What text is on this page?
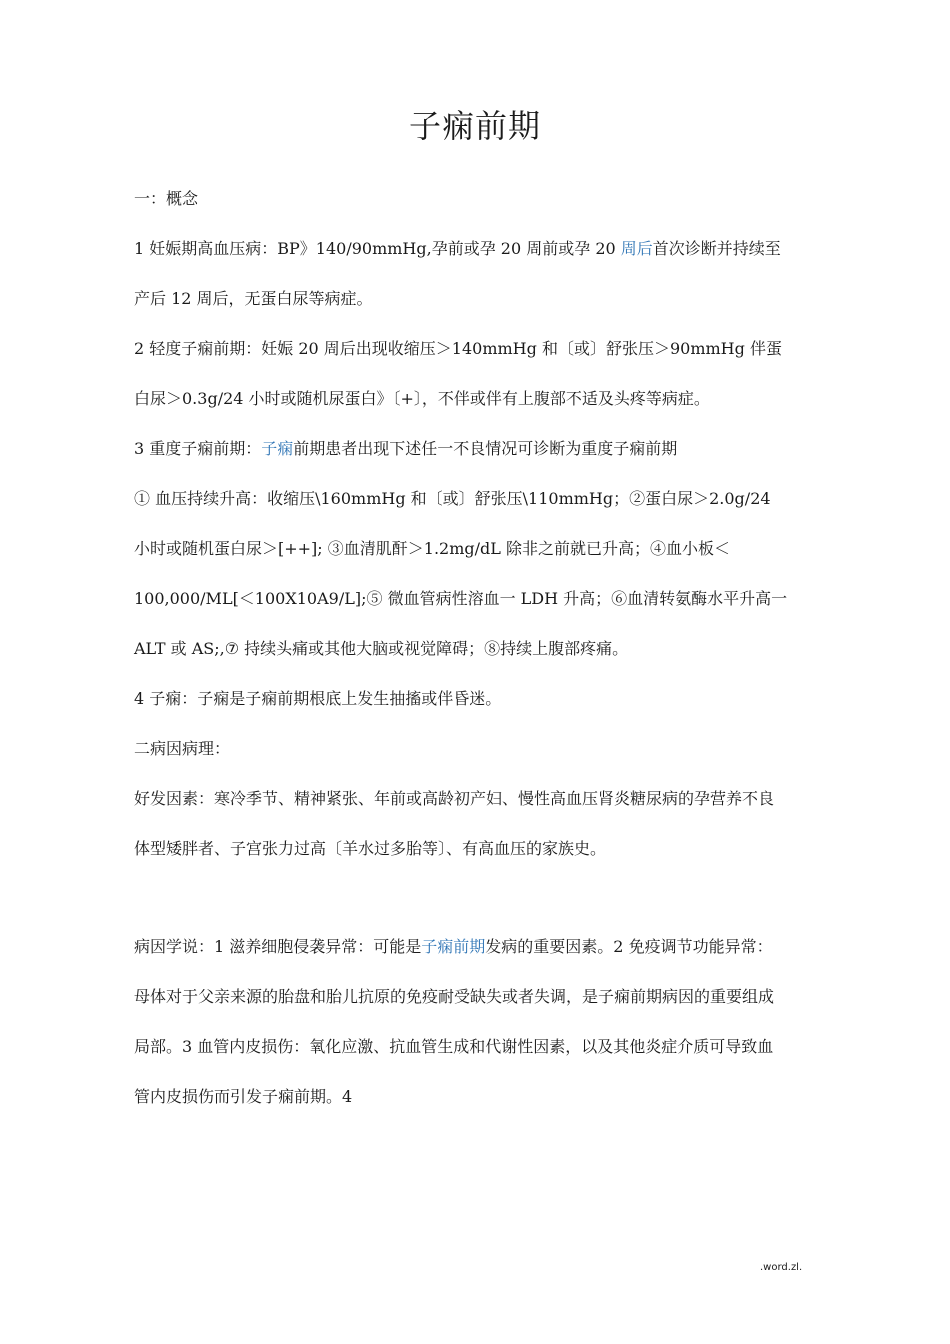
子痫前期
一：概念
1 妊娠期高血压病：BP》140/90mmHg,孕前或孕 20 周前或孕 20 周后首次诊断并持续至
产后 12 周后，无蛋白尿等病症。
2 轻度子痫前期：妊娠 20 周后出现收缩压＞140mmHg 和〔或〕舒张压＞90mmHg 伴蛋
白尿＞0.3g/24 小时或随机尿蛋白》〔+〕，不伴或伴有上腹部不适及头疼等病症。
3 重度子痫前期：子痫前期患者出现下述任一不良情况可诊断为重度子痫前期
① 血压持续升高：收缩压\160mmHg 和〔或〕舒张压\110mmHg；②蛋白尿＞2.0g/24
小时或随机蛋白尿＞[++]; ③血清肌酐＞1.2mg/dL 除非之前就已升高；④血小板＜
100,000/ML[＜100X10A9/L];⑤ 微血管病性溶血一 LDH 升高；⑥血清转氨酶水平升高一
ALT 或 AS;,⑦ 持续头痛或其他大脑或视觉障碍；⑧持续上腹部疼痛。
4 子痫：子痫是子痫前期根底上发生抽搐或伴昏迷。
二病因病理：
好发因素：寒冷季节、精神紧张、年前或高龄初产妇、慢性高血压肾炎糖尿病的孕营养不良
体型矮胖者、子宫张力过高〔羊水过多胎等〕、有高血压的家族史。
病因学说：1 滋养细胞侵袭异常：可能是子痫前期发病的重要因素。2 免疫调节功能异常：
母体对于父亲来源的胎盘和胎儿抗原的免疫耐受缺失或者失调，是子痫前期病因的重要组成
局部。3 血管内皮损伤：氧化应激、抗血管生成和代谢性因素，以及其他炎症介质可导致血
管内皮损伤而引发子痫前期。4
.word.zl.
